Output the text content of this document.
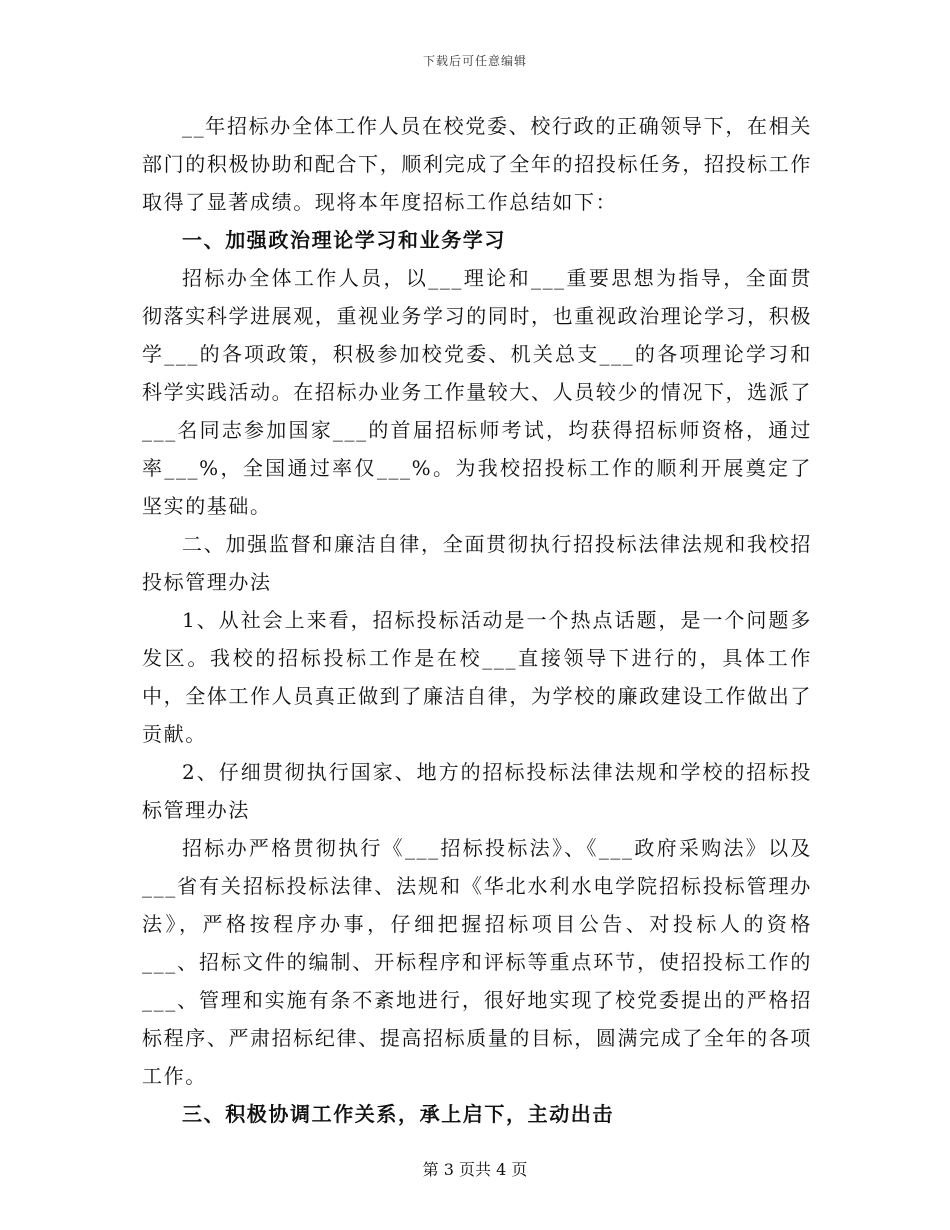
下载后可任意编辑

__年招标办全体工作人员在校党委、校行政的正确领导下，在相关部门的积极协助和配合下，顺利完成了全年的招投标任务，招投标工作取得了显著成绩。现将本年度招标工作总结如下：

一、加强政治理论学习和业务学习

招标办全体工作人员，以___理论和___重要思想为指导，全面贯彻落实科学进展观，重视业务学习的同时，也重视政治理论学习，积极学___的各项政策，积极参加校党委、机关总支___的各项理论学习和科学实践活动。在招标办业务工作量较大、人员较少的情况下，选派了___名同志参加国家___的首届招标师考试，均获得招标师资格，通过率___%，全国通过率仅___%。为我校招投标工作的顺利开展奠定了坚实的基础。

二、加强监督和廉洁自律，全面贯彻执行招投标法律法规和我校招投标管理办法

1、从社会上来看，招标投标活动是一个热点话题，是一个问题多发区。我校的招标投标工作是在校___直接领导下进行的，具体工作中，全体工作人员真正做到了廉洁自律，为学校的廉政建设工作做出了贡献。

2、仔细贯彻执行国家、地方的招标投标法律法规和学校的招标投标管理办法

招标办严格贯彻执行《___招标投标法》、《___政府采购法》以及___省有关招标投标法律、法规和《华北水利水电学院招标投标管理办法》，严格按程序办事，仔细把握招标项目公告、对投标人的资格___、招标文件的编制、开标程序和评标等重点环节，使招投标工作的___、管理和实施有条不紊地进行，很好地实现了校党委提出的严格招标程序、严肃招标纪律、提高招标质量的目标，圆满完成了全年的各项工作。

三、积极协调工作关系，承上启下，主动出击

第 3 页共 4 页
